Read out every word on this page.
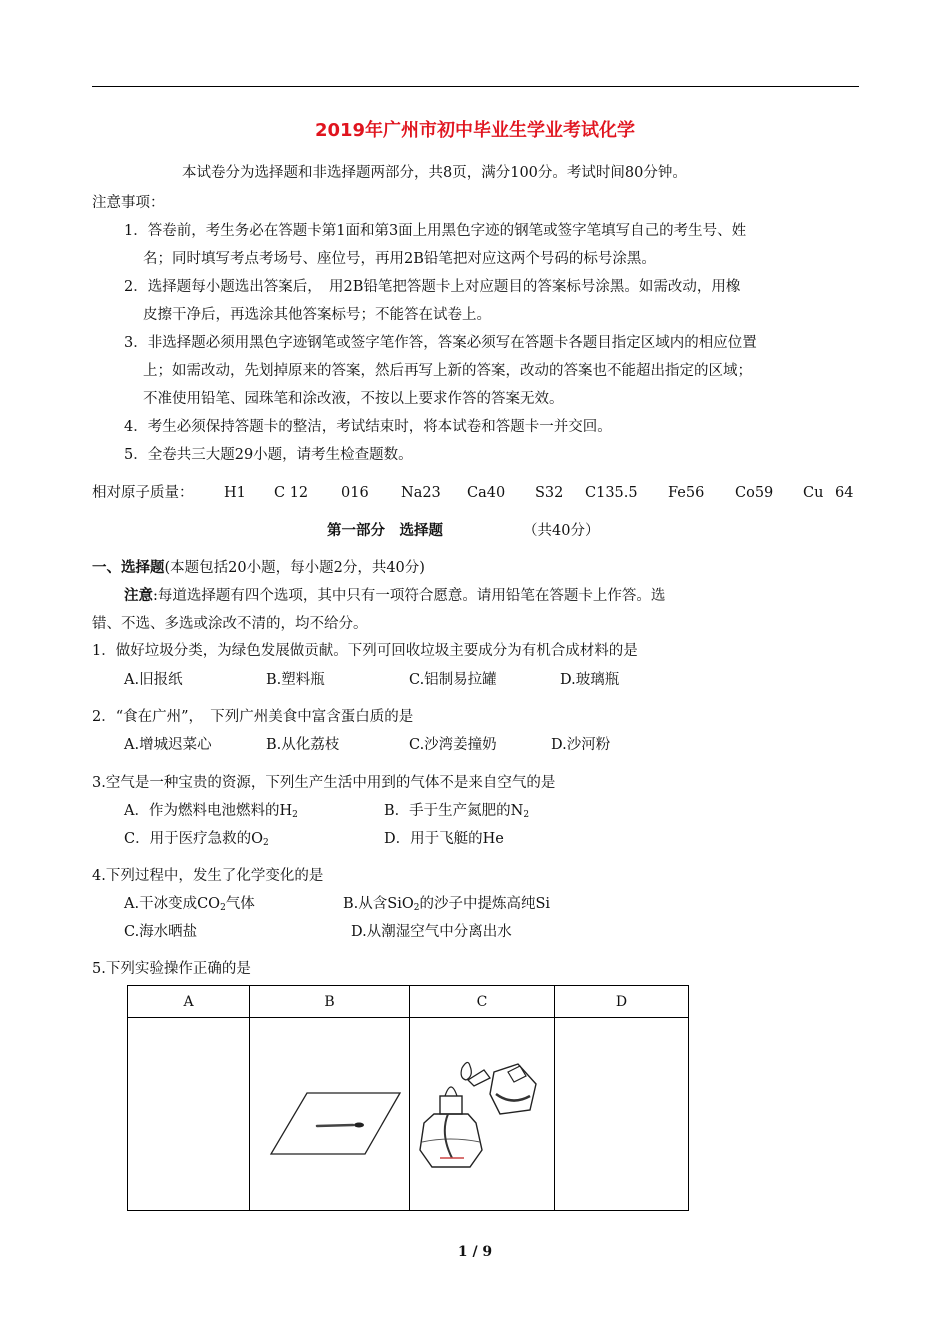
2019年广州市初中毕业生学业考试化学
本试卷分为选择题和非选择题两部分，共8页，满分100分。考试时间80分钟。
注意事项：
1．答卷前，考生务必在答题卡第1面和第3面上用黑色字迹的钢笔或签字笔填写自己的考生号、姓
名；同时填写考点考场号、座位号，再用2B铅笔把对应这两个号码的标号涂黑。
2．选择题每小题选出答案后，　用2B铅笔把答题卡上对应题目的答案标号涂黑。如需改动，用橡
皮擦干净后，再选涂其他答案标号；不能答在试卷上。
3．非选择题必须用黑色字迹钢笔或签字笔作答，答案必须写在答题卡各题目指定区域内的相应位置
上；如需改动，先划掉原来的答案，然后再写上新的答案，改动的答案也不能超出指定的区域；
不准使用铅笔、园珠笔和涂改液，不按以上要求作答的答案无效。
4．考生必须保持答题卡的整洁，考试结束时，将本试卷和答题卡一并交回。
5．全卷共三大题29小题，请考生检查题数。
相对原子质量： H1 C 12 016 Na23 Ca40 S32 C135.5 Fe56 Co59 Cu 64
第一部分　选择题	（共40分）
一、选择题(本题包括20小题，每小题2分，共40分)
注意:每道选择题有四个选项，其中只有一项符合愿意。请用铅笔在答题卡上作答。选
错、不选、多选或涂改不清的，均不给分。
1．做好垃圾分类，为绿色发展做贡献。下列可回收垃圾主要成分为有机合成材料的是
A.旧报纸	B.塑料瓶	C.铝制易拉罐	D.玻璃瓶
2．“食在广州”，　下列广州美食中富含蛋白质的是
A.增城迟菜心	B.从化荔枝	C.沙湾姜撞奶	D.沙河粉
3.空气是一种宝贵的资源，下列生产生活中用到的气体不是来自空气的是
A．作为燃料电池燃料的$H_2$	B．手于生产氮肥的$N_2$
C．用于医疗急救的$O_2$	D．用于飞艇的He
4.下列过程中，发生了化学变化的是
A.干冰变成$CO_2$气体	B.从含SiO$_2$的沙子中提炼高纯Si
C.海水晒盐	D.从潮湿空气中分离出水
5.下列实验操作正确的是
A	B	C	D

1 / 9
